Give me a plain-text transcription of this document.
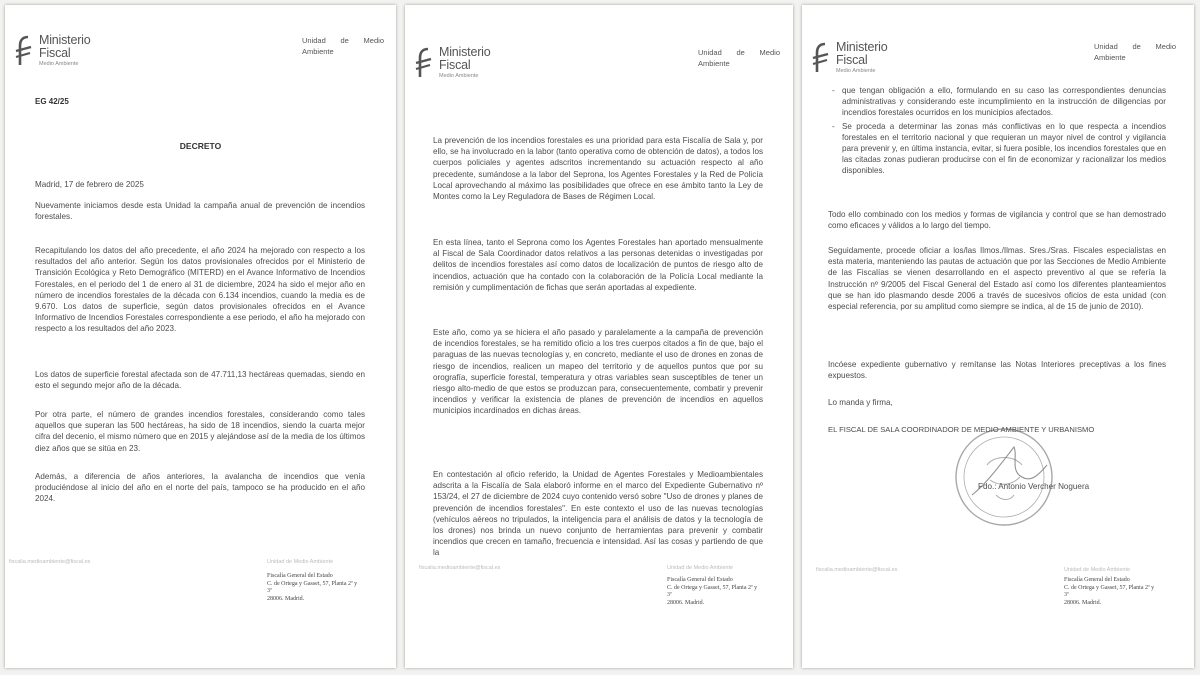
Ministerio
Fiscal
Medio Ambiente
Unidad de Medio
Ambiente
EG 42/25
DECRETO

Madrid, 17 de febrero de 2025

Nuevamente iniciamos desde esta Unidad la campaña anual de prevención de incendios forestales.

Recapitulando los datos del año precedente, el año 2024 ha mejorado con respecto a los resultados del año anterior. Según los datos provisionales ofrecidos por el Ministerio de Transición Ecológica y Reto Demográfico (MITERD) en el Avance Informativo de Incendios Forestales, en el periodo del 1 de enero al 31 de diciembre, 2024 ha sido el mejor año en número de incendios forestales de la década con 6.134 incendios, cuando la media es de 9.670. Los datos de superficie, según datos provisionales ofrecidos en el Avance Informativo de Incendios Forestales correspondiente a ese periodo, el año ha mejorado con respecto a los resultados del año 2023.

Los datos de superficie forestal afectada son de 47.711,13 hectáreas quemadas, siendo en esto el segundo mejor año de la década.

Por otra parte, el número de grandes incendios forestales, considerando como tales aquellos que superan las 500 hectáreas, ha sido de 18 incendios, siendo la cuarta mejor cifra del decenio, el mismo número que en 2015 y alejándose así de la media de los últimos diez años que se sitúa en 23.

Además, a diferencia de años anteriores, la avalancha de incendios que venía produciéndose al inicio del año en el norte del país, tampoco se ha producido en el año 2024.

fiscalia.medioambiente@fiscal.es	Unidad de Medio Ambiente
Fiscalía General del Estado
C. de Ortega y Gasset, 57, Planta 2ª y
3ª
28006. Madrid.
Ministerio
Fiscal
Medio Ambiente
Unidad de Medio
Ambiente

La prevención de los incendios forestales es una prioridad para esta Fiscalía de Sala y, por ello, se ha involucrado en la labor (tanto operativa como de obtención de datos), a todos los cuerpos policiales y agentes adscritos incrementando su actuación respecto al año precedente, sumándose a la labor del Seprona, los Agentes Forestales y la Red de Policía Local aprovechando al máximo las posibilidades que ofrece en ese ámbito tanto la Ley de Montes como la Ley Reguladora de Bases de Régimen Local.

En esta línea, tanto el Seprona como los Agentes Forestales han aportado mensualmente al Fiscal de Sala Coordinador datos relativos a las personas detenidas o investigadas por delitos de incendios forestales así como datos de localización de puntos de riesgo alto de incendios, actuación que ha contado con la colaboración de la Policía Local mediante la remisión y cumplimentación de fichas que serán aportadas al expediente.

Este año, como ya se hiciera el año pasado y paralelamente a la campaña de prevención de incendios forestales, se ha remitido oficio a los tres cuerpos citados a fin de que, bajo el paraguas de las nuevas tecnologías y, en concreto, mediante el uso de drones en zonas de riesgo de incendios, realicen un mapeo del territorio y de aquellos puntos que por su orografía, superficie forestal, temperatura y otras variables sean susceptibles de tener un riesgo alto-medio de que estos se produzcan para, consecuentemente, combatir y prevenir incendios y verificar la existencia de planes de prevención de incendios en aquellos municipios incardinados en dichas áreas.

En contestación al oficio referido, la Unidad de Agentes Forestales y Medioambientales adscrita a la Fiscalía de Sala elaboró informe en el marco del Expediente Gubernativo nº 153/24, el 27 de diciembre de 2024 cuyo contenido versó sobre "Uso de drones y planes de prevención de incendios forestales". En este contexto el uso de las nuevas tecnologías (vehículos aéreos no tripulados, la inteligencia para el análisis de datos y la tecnología de los drones) nos brinda un nuevo conjunto de herramientas para prevenir y combatir incendios que crecen en tamaño, frecuencia e intensidad. Así las cosas y partiendo de que la

fiscalia.medioambiente@fiscal.es	Unidad de Medio Ambiente
Fiscalía General del Estado
C. de Ortega y Gasset, 57, Planta 2ª y
3ª
28006. Madrid.
Ministerio
Fiscal
Medio Ambiente
Unidad de Medio
Ambiente
- que tengan obligación a ello, formulando en su caso las correspondientes denuncias administrativas y considerando este incumplimiento en la instrucción de diligencias por incendios forestales ocurridos en los municipios afectados.
- Se proceda a determinar las zonas más conflictivas en lo que respecta a incendios forestales en el territorio nacional y que requieran un mayor nivel de control y vigilancia para prevenir y, en última instancia, evitar, si fuera posible, los incendios forestales que en las citadas zonas pudieran producirse con el fin de economizar y racionalizar los medios disponibles.

Todo ello combinado con los medios y formas de vigilancia y control que se han demostrado como eficaces y válidos a lo largo del tiempo.

Seguidamente, procede oficiar a los/las Ilmos./Ilmas. Sres./Sras. Fiscales especialistas en esta materia, manteniendo las pautas de actuación que por las Secciones de Medio Ambiente de las Fiscalías se vienen desarrollando en el aspecto preventivo al que se refería la Instrucción nº 9/2005 del Fiscal General del Estado así como los diferentes planteamientos que se han ido plasmando desde 2006 a través de sucesivos oficios de esta unidad (con especial referencia, por su amplitud como siempre se indica, al de 15 de junio de 2010).

Incóese expediente gubernativo y remítanse las Notas Interiores preceptivas a los fines expuestos.

Lo manda y firma,

EL FISCAL DE SALA COORDINADOR DE MEDIO AMBIENTE Y URBANISMO

Fdo.: Antonio Vercher Noguera

fiscalia.medioambiente@fiscal.es	Unidad de Medio Ambiente
Fiscalía General del Estado
C. de Ortega y Gasset, 57, Planta 2ª y
3ª
28006. Madrid.
